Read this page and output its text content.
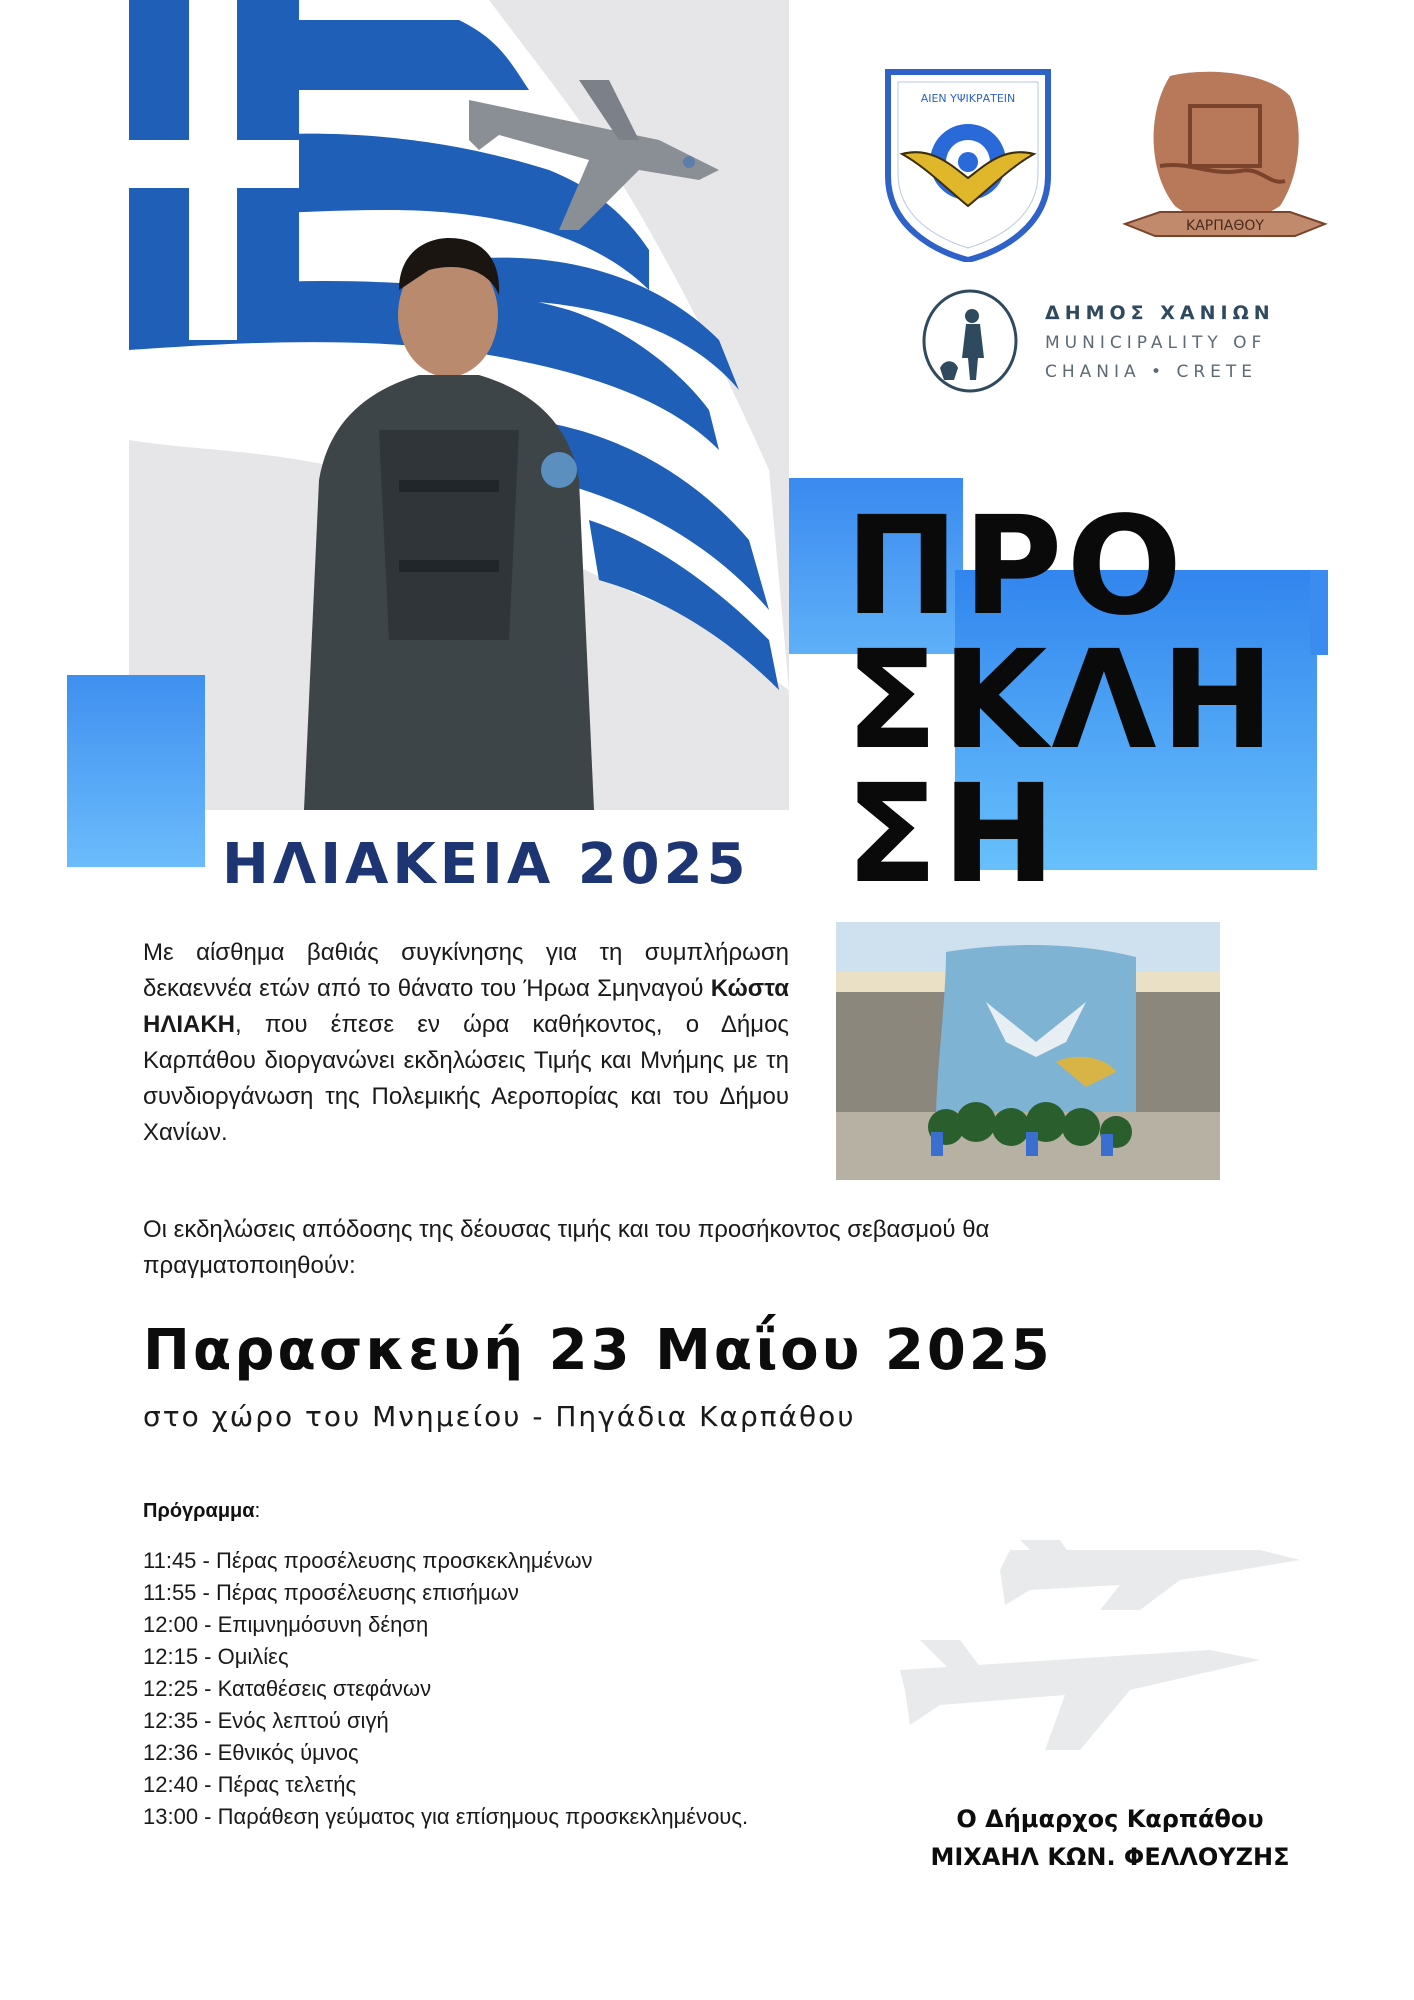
ΑΙΕΝ ΥΨΙΚΡΑΤΕΙΝ
ΚΑΡΠΑΘΟΥ
ΔΗΜΟΣ ΧΑΝΙΩΝ
MUNICIPALITY OF
CHANIA • CRETE
ΠΡΟ
ΣΚΛΗ
ΣΗ
ΗΛΙΑΚΕΙΑ 2025

Με αίσθημα βαθιάς συγκίνησης για τη συμπλήρωση δεκαεννέα ετών από το θάνατο του Ήρωα Σμηναγού Κώστα ΗΛΙΑΚΗ, που έπεσε εν ώρα καθήκοντος, ο Δήμος Καρπάθου διοργανώνει εκδηλώσεις Τιμής και Μνήμης με τη συνδιοργάνωση της Πολεμικής Αεροπορίας και του Δήμου Χανίων.

Οι εκδηλώσεις απόδοσης της δέουσας τιμής και του προσήκοντος σεβασμού θα πραγματοποιηθούν:

Παρασκευή 23 Μαΐου 2025
στο χώρο του Μνημείου - Πηγάδια Καρπάθου
Πρόγραμμα:
11:45 - Πέρας προσέλευσης προσκεκλημένων
11:55 - Πέρας προσέλευσης επισήμων
12:00 - Επιμνημόσυνη δέηση
12:15 - Ομιλίες
12:25 - Καταθέσεις στεφάνων
12:35 - Ενός λεπτού σιγή
12:36 - Εθνικός ύμνος
12:40 - Πέρας τελετής
13:00 - Παράθεση γεύματος για επίσημους προσκεκλημένους.	Ο Δήμαρχος Καρπάθου
ΜΙΧΑΗΛ ΚΩΝ. ΦΕΛΛΟΥΖΗΣ
